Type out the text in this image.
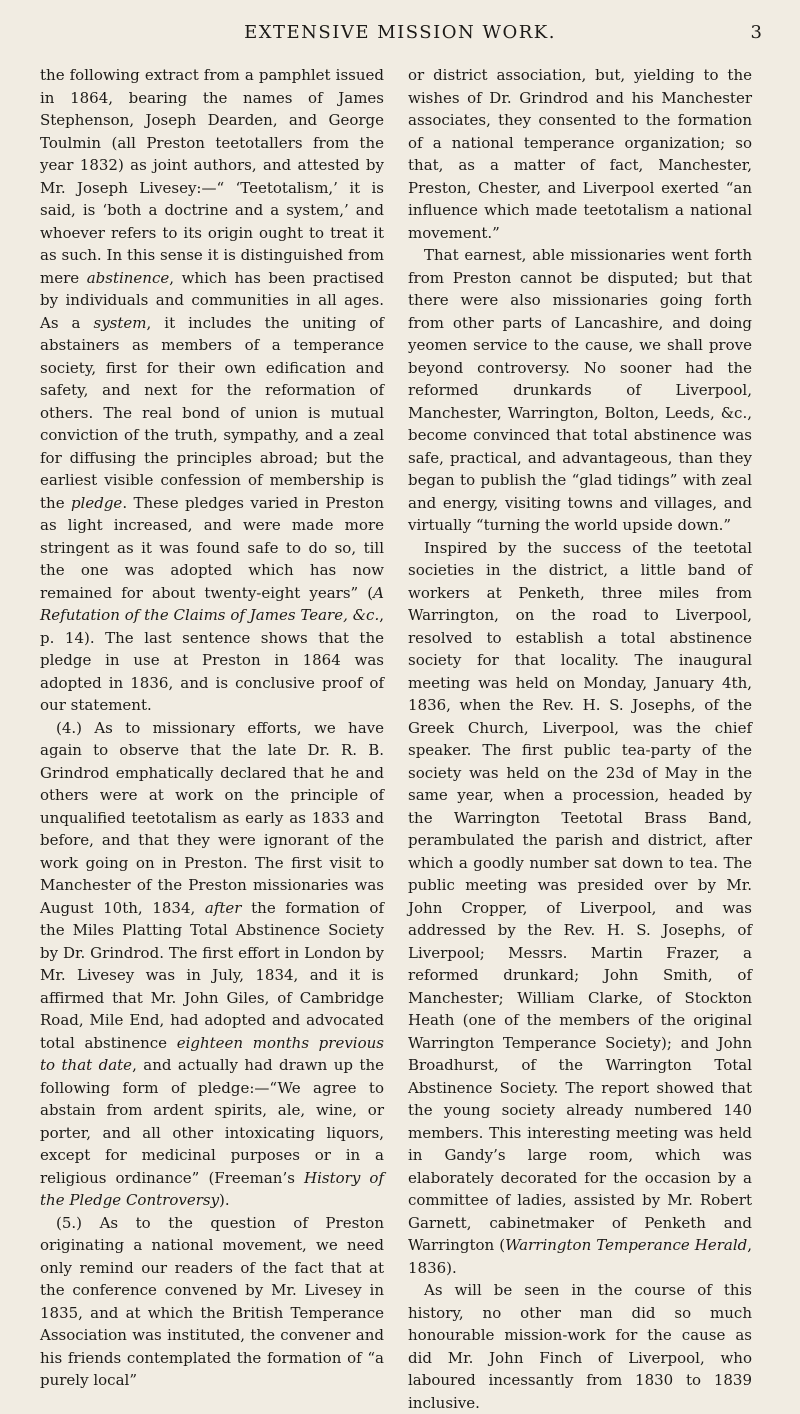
EXTENSIVE MISSION WORK.	3

the following extract from a pamphlet issued in 1864, bearing the names of James Stephenson, Joseph Dearden, and George Toulmin (all Preston teetotallers from the year 1832) as joint authors, and attested by Mr. Joseph Livesey:—“ ‘Teetotalism,’ it is said, is ‘both a doctrine and a system,’ and whoever refers to its origin ought to treat it as such. In this sense it is distinguished from mere abstinence, which has been practised by individuals and communities in all ages. As a system, it includes the uniting of abstainers as members of a temperance society, first for their own edification and safety, and next for the reformation of others. The real bond of union is mutual conviction of the truth, sympathy, and a zeal for diffusing the principles abroad; but the earliest visible confession of membership is the pledge. These pledges varied in Preston as light increased, and were made more stringent as it was found safe to do so, till the one was adopted which has now remained for about twenty-eight years” (A Refutation of the Claims of James Teare, &c., p. 14). The last sentence shows that the pledge in use at Preston in 1864 was adopted in 1836, and is conclusive proof of our statement.

(4.) As to missionary efforts, we have again to observe that the late Dr. R. B. Grindrod emphatically declared that he and others were at work on the principle of unqualified teetotalism as early as 1833 and before, and that they were ignorant of the work going on in Preston. The first visit to Manchester of the Preston missionaries was August 10th, 1834, after the formation of the Miles Platting Total Abstinence Society by Dr. Grindrod. The first effort in London by Mr. Livesey was in July, 1834, and it is affirmed that Mr. John Giles, of Cambridge Road, Mile End, had adopted and advocated total abstinence eighteen months previous to that date, and actually had drawn up the following form of pledge:—“We agree to abstain from ardent spirits, ale, wine, or porter, and all other intoxicating liquors, except for medicinal purposes or in a religious ordinance” (Freeman’s History of the Pledge Controversy).

(5.) As to the question of Preston originating a national movement, we need only remind our readers of the fact that at the conference convened by Mr. Livesey in 1835, and at which the British Temperance Association was instituted, the convener and his friends contemplated the formation of “a purely local”

or district association, but, yielding to the wishes of Dr. Grindrod and his Manchester associates, they consented to the formation of a national temperance organization; so that, as a matter of fact, Manchester, Preston, Chester, and Liverpool exerted “an influence which made teetotalism a national movement.”

That earnest, able missionaries went forth from Preston cannot be disputed; but that there were also missionaries going forth from other parts of Lancashire, and doing yeomen service to the cause, we shall prove beyond controversy. No sooner had the reformed drunkards of Liverpool, Manchester, Warrington, Bolton, Leeds, &c., become convinced that total abstinence was safe, practical, and advantageous, than they began to publish the “glad tidings” with zeal and energy, visiting towns and villages, and virtually “turning the world upside down.”

Inspired by the success of the teetotal societies in the district, a little band of workers at Penketh, three miles from Warrington, on the road to Liverpool, resolved to establish a total abstinence society for that locality. The inaugural meeting was held on Monday, January 4th, 1836, when the Rev. H. S. Josephs, of the Greek Church, Liverpool, was the chief speaker. The first public tea-party of the society was held on the 23d of May in the same year, when a procession, headed by the Warrington Teetotal Brass Band, perambulated the parish and district, after which a goodly number sat down to tea. The public meeting was presided over by Mr. John Cropper, of Liverpool, and was addressed by the Rev. H. S. Josephs, of Liverpool; Messrs. Martin Frazer, a reformed drunkard; John Smith, of Manchester; William Clarke, of Stockton Heath (one of the members of the original Warrington Temperance Society); and John Broadhurst, of the Warrington Total Abstinence Society. The report showed that the young society already numbered 140 members. This interesting meeting was held in Gandy’s large room, which was elaborately decorated for the occasion by a committee of ladies, assisted by Mr. Robert Garnett, cabinetmaker of Penketh and Warrington (Warrington Temperance Herald, 1836).

As will be seen in the course of this history, no other man did so much honourable mission-work for the cause as did Mr. John Finch of Liverpool, who laboured incessantly from 1830 to 1839 inclusive.
